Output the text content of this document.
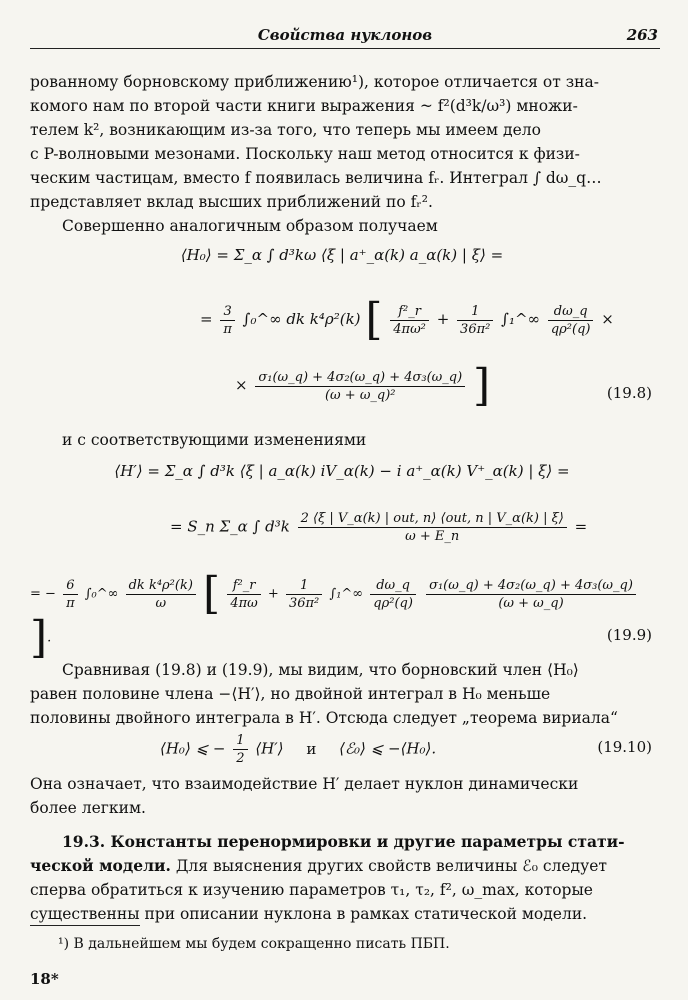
Свойства нуклонов	263
рованному борновскому приближению¹), которое отличается от зна-
комого нам по второй части книги выражения ~ f²(d³k/ω³) множи-
телем k², возникающим из-за того, что теперь мы имеем дело
с P-волновыми мезонами. Поскольку наш метод относится к физи-
ческим частицам, вместо f появилась величина fᵣ. Интеграл ∫ dω_q…
представляет вклад высших приближений по fᵣ².
Совершенно аналогичным образом получаем
⟨H₀⟩ = Σ_α ∫ d³kω ⟨ξ | a⁺_α(k) a_α(k) | ξ⟩ =
= $\frac{3}{\pi}$ ∫₀^∞ dk k⁴ρ²(k) [ $\frac{\text{f²\_r}}{\text{4πω²}} + \frac{1}{\text{36π²}}$ ∫₁^∞ $\frac{d\omega\_q}{\text{qρ²(q)}}$ ×
× $\frac{\text{σ₁(ω\_q) + 4σ₂(ω\_q) + 4σ₃(ω\_q)}}{\text{(ω + ω\_q)²}}$ ]	(19.8)
и с соответствующими изменениями
⟨H′⟩ = Σ_α ∫ d³k ⟨ξ | a_α(k) iV_α(k) − i a⁺_α(k) V⁺_α(k) | ξ⟩ =
= S_n Σ_α ∫ $d^3k \frac{\text{2 ⟨ξ | V\_α(k) | out, n⟩ ⟨out, n | V\_α(k) | ξ⟩}}{\omega + E\_n}$ =
= − $\frac{6}{\pi}$ ∫₀^∞ $\frac{\text{dk k⁴ρ²(k)}}{\omega}$ [ $\frac{\text{f²\_r}}{4\pi\omega} + \frac{1}{\text{36π²}}$ ∫₁^∞ $\frac{d\omega\_q}{\text{qρ²(q)}}$
$\frac{\text{σ₁(ω\_q) + 4σ₂(ω\_q) + 4σ₃(ω\_q)}}{(\omega + \omega\_q)}$
].	(19.9)
Сравнивая (19.8) и (19.9), мы видим, что борновский член ⟨H₀⟩
равен половине члена −⟨H′⟩, но двойной интеграл в H₀ меньше
половины двойного интеграла в H′. Отсюда следует „теорема вириала“
⟨H₀⟩ ⩽ − $\frac{1}{2}$ ⟨H′⟩ и ⟨ℰ₀⟩ ⩽ −⟨H₀⟩.	(19.10)
Она означает, что взаимодействие H′ делает нуклон динамически
более легким.
19.3. Константы перенормировки и другие параметры стати-
ческой модели. Для выяснения других свойств величины ℰ₀ следует
сперва обратиться к изучению параметров τ₁, τ₂, f², ω_max, которые
существенны при описании нуклона в рамках статической модели.
¹) В дальнейшем мы будем сокращенно писать ПБП.
18*
